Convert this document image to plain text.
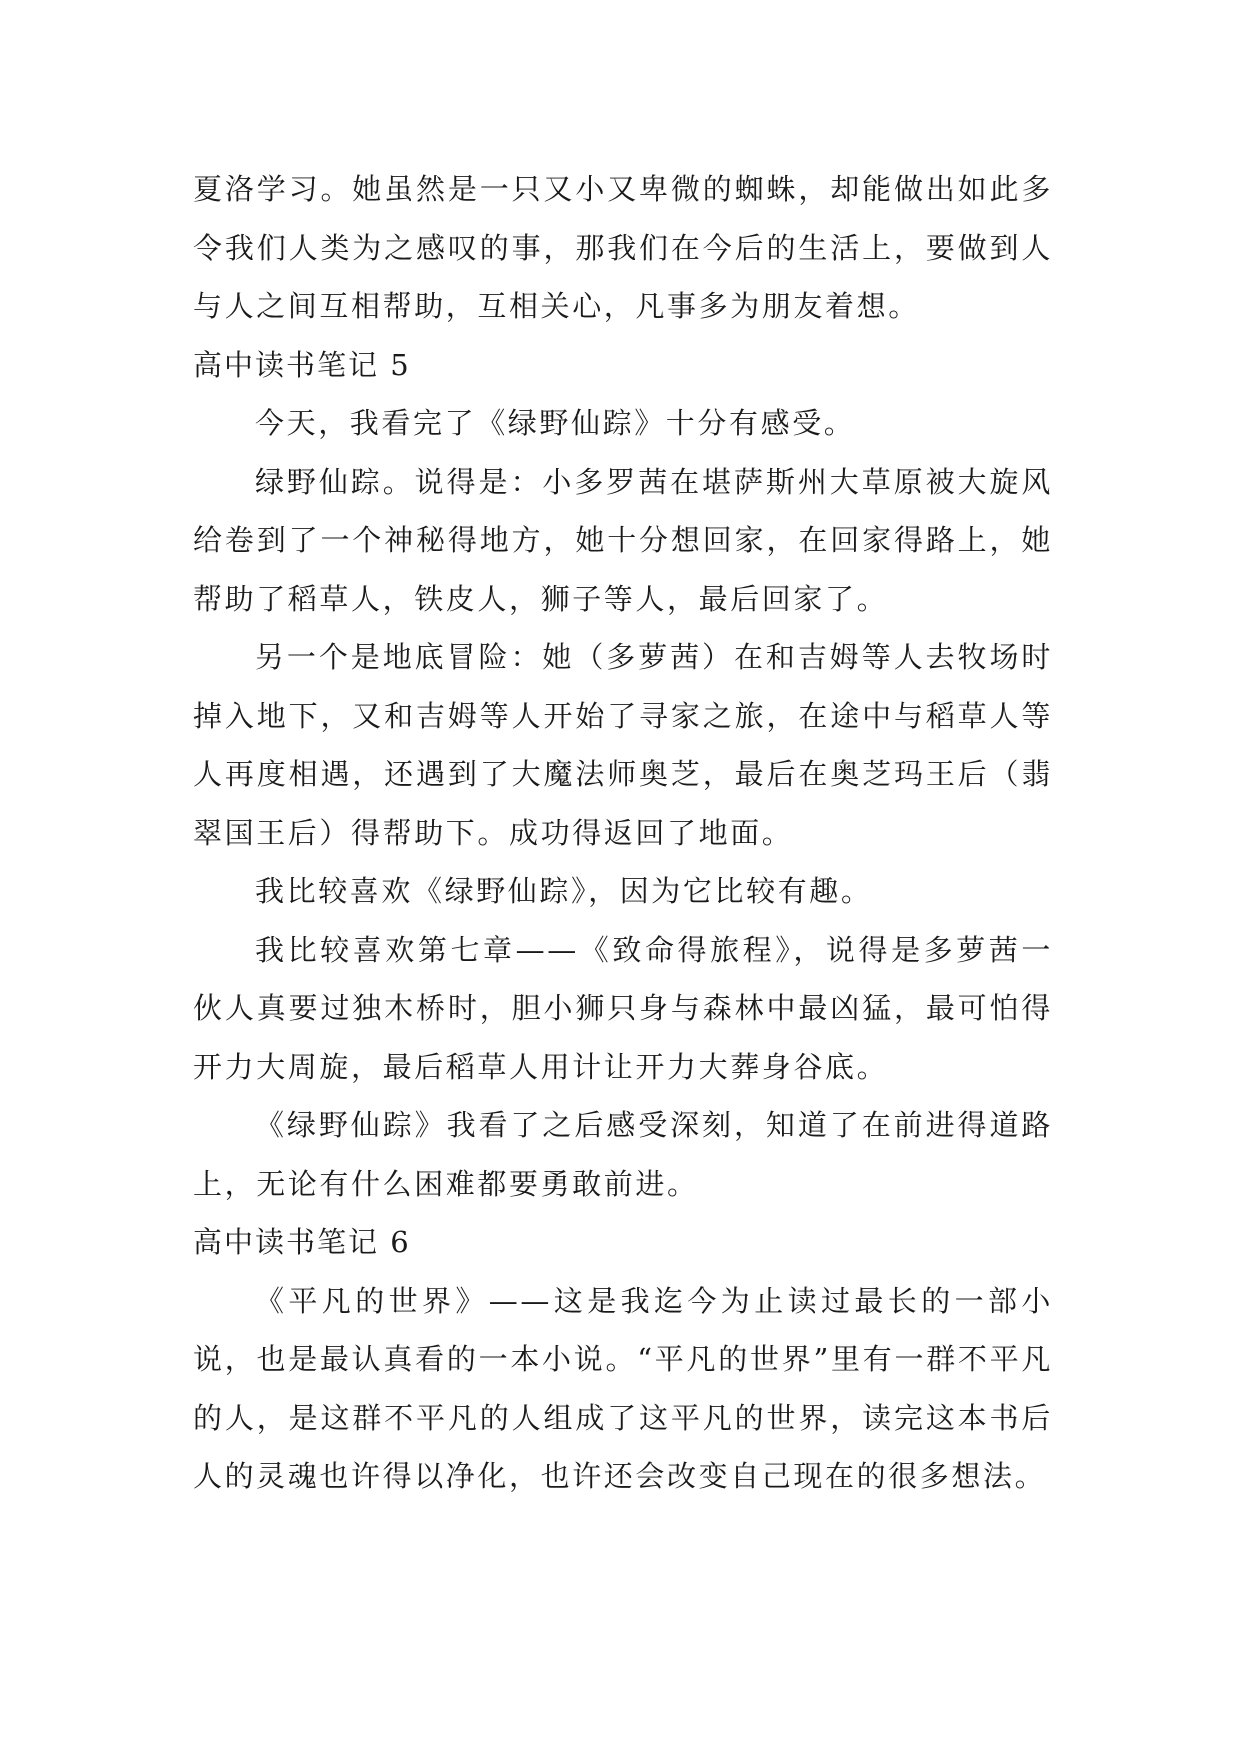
夏洛学习。她虽然是一只又小又卑微的蜘蛛，却能做出如此多令我们人类为之感叹的事，那我们在今后的生活上，要做到人与人之间互相帮助，互相关心，凡事多为朋友着想。

高中读书笔记 5

今天，我看完了《绿野仙踪》十分有感受。

绿野仙踪。说得是：小多罗茜在堪萨斯州大草原被大旋风给卷到了一个神秘得地方，她十分想回家，在回家得路上，她帮助了稻草人，铁皮人，狮子等人，最后回家了。

另一个是地底冒险：她（多萝茜）在和吉姆等人去牧场时掉入地下，又和吉姆等人开始了寻家之旅，在途中与稻草人等人再度相遇，还遇到了大魔法师奥芝，最后在奥芝玛王后（翡翠国王后）得帮助下。成功得返回了地面。

我比较喜欢《绿野仙踪》，因为它比较有趣。

我比较喜欢第七章——《致命得旅程》，说得是多萝茜一伙人真要过独木桥时，胆小狮只身与森林中最凶猛，最可怕得开力大周旋，最后稻草人用计让开力大葬身谷底。

《绿野仙踪》我看了之后感受深刻，知道了在前进得道路上，无论有什么困难都要勇敢前进。

高中读书笔记 6

《平凡的世界》——这是我迄今为止读过最长的一部小说，也是最认真看的一本小说。“平凡的世界”里有一群不平凡的人，是这群不平凡的人组成了这平凡的世界，读完这本书后人的灵魂也许得以净化，也许还会改变自己现在的很多想法。
